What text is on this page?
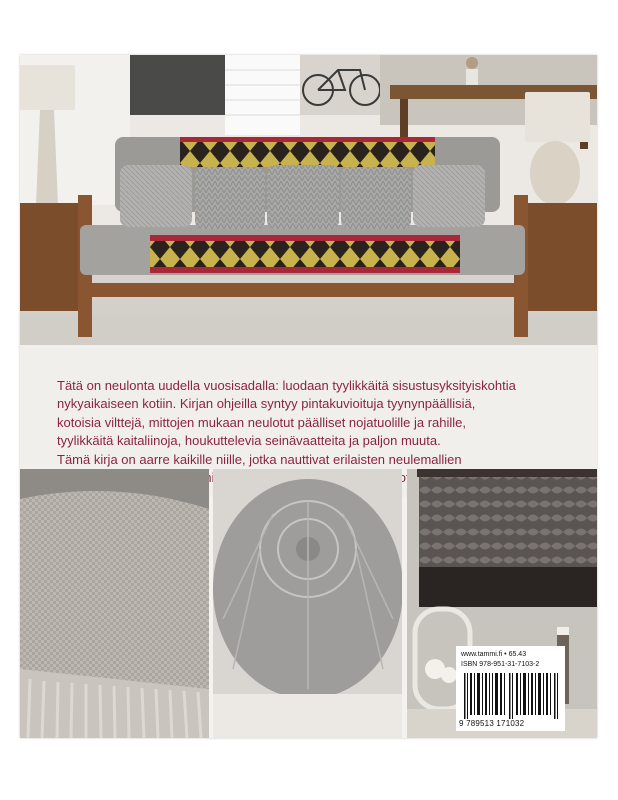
Tätä on neulonta uudella vuosisadalla: luodaan tyylikkäitä sisustusyksityiskohtia
nykyaikaiseen kotiin. Kirjan ohjeilla syntyy pintakuvioituja tyynynpäällisiä,
kotoisia vilttejä, mittojen mukaan neulotut päälliset nojatuolille ja rahille,
tyylikkäitä kaitaliinoja, houkuttelevia seinävaatteita ja paljon muuta.
Tämä kirja on aarre kaikille niille, jotka nauttivat erilaisten neulemallien

www.tammi.fi • 65.43
ISBN 978-951-31-7103-2
9 789513 171032
